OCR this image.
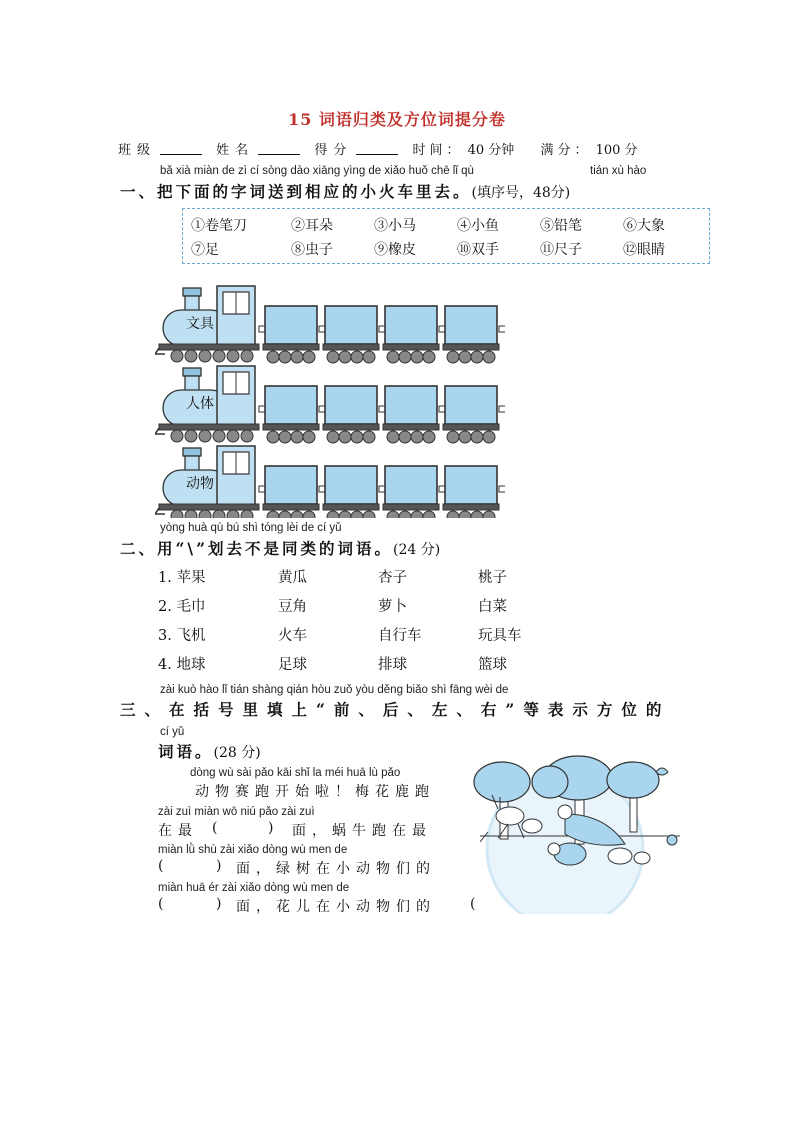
15 词语归类及方位词提分卷
班级	姓名	得分	时间： 40 分钟 满分： 100 分
bǎ xià miàn de zì cí sòng dào xiāng yìng de xiǎo huǒ chē lǐ qù	tián xù hào
一、把下面的字词送到相应的小火车里去。(填序号，48分)
①卷笔刀	②耳朵	③小马	④小鱼	⑤铅笔	⑥大象
⑦足	⑧虫子	⑨橡皮	⑩双手	⑪尺子	⑫眼睛
文具
人体
动物
yòng huà qù bú shì tóng lèi de cí yǔ
二、用“\”划去不是同类的词语。(24 分)
1. 苹果	黄瓜	杏子	桃子
2. 毛巾	豆角	萝卜	白菜
3. 飞机	火车	自行车	玩具车
4. 地球	足球	排球	篮球
zài kuò hào lǐ tián shàng qián hòu zuǒ yòu děng biǎo shì fāng wèi de
三、在括号里填上“前、后、左、右”等表示方位的
cí yǔ
词语。(28 分)
dòng wù sài pǎo kāi shǐ la méi huā lù pǎo
动物赛跑开始啦！梅花鹿跑
zài zuì miàn wō niú pǎo zài zuì
在最 (	) 面，蜗牛跑在最
miàn lǜ shù zài xiǎo dòng wù men de
(	) 面，绿树在小动物们的
miàn huā ér zài xiǎo dòng wù men de
(	) 面，花儿在小动物们的 (
